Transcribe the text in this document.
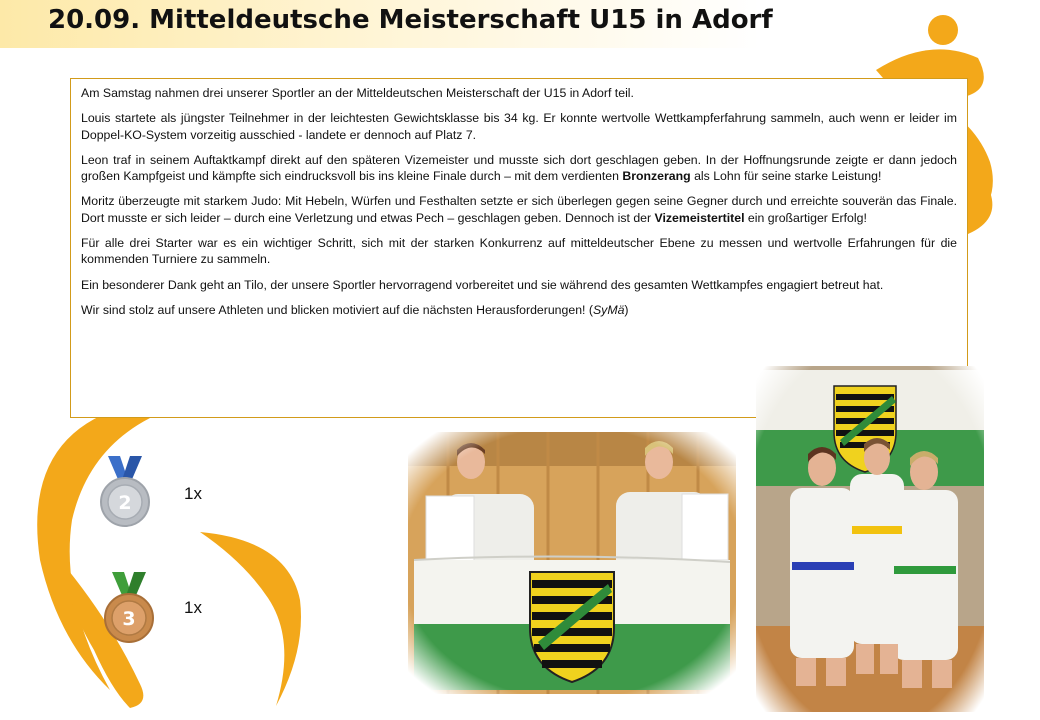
20.09. Mitteldeutsche Meisterschaft U15 in Adorf

Am Samstag nahmen drei unserer Sportler an der Mitteldeutschen Meisterschaft der U15 in Adorf teil.

Louis startete als jüngster Teilnehmer in der leichtesten Gewichtsklasse bis 34 kg. Er konnte wertvolle Wettkampferfahrung sammeln, auch wenn er leider im Doppel-KO-System vorzeitig ausschied - landete er dennoch auf Platz 7.

Leon traf in seinem Auftaktkampf direkt auf den späteren Vizemeister und musste sich dort geschlagen geben. In der Hoffnungsrunde zeigte er dann jedoch großen Kampfgeist und kämpfte sich eindrucksvoll bis ins kleine Finale durch – mit dem verdienten Bronzerang als Lohn für seine starke Leistung!

Moritz überzeugte mit starkem Judo: Mit Hebeln, Würfen und Festhalten setzte er sich überlegen gegen seine Gegner durch und erreichte souverän das Finale. Dort musste er sich leider – durch eine Verletzung und etwas Pech – geschlagen geben. Dennoch ist der Vizemeistertitel ein großartiger Erfolg!

Für alle drei Starter war es ein wichtiger Schritt, sich mit der starken Konkurrenz auf mitteldeutscher Ebene zu messen und wertvolle Erfahrungen für die kommenden Turniere zu sammeln.

Ein besonderer Dank geht an Tilo, der unsere Sportler hervorragend vorbereitet und sie während des gesamten Wettkampfes engagiert betreut hat.

Wir sind stolz auf unsere Athleten und blicken motiviert auf die nächsten Herausforderungen! (SyMä)

2	1x
3
1x
